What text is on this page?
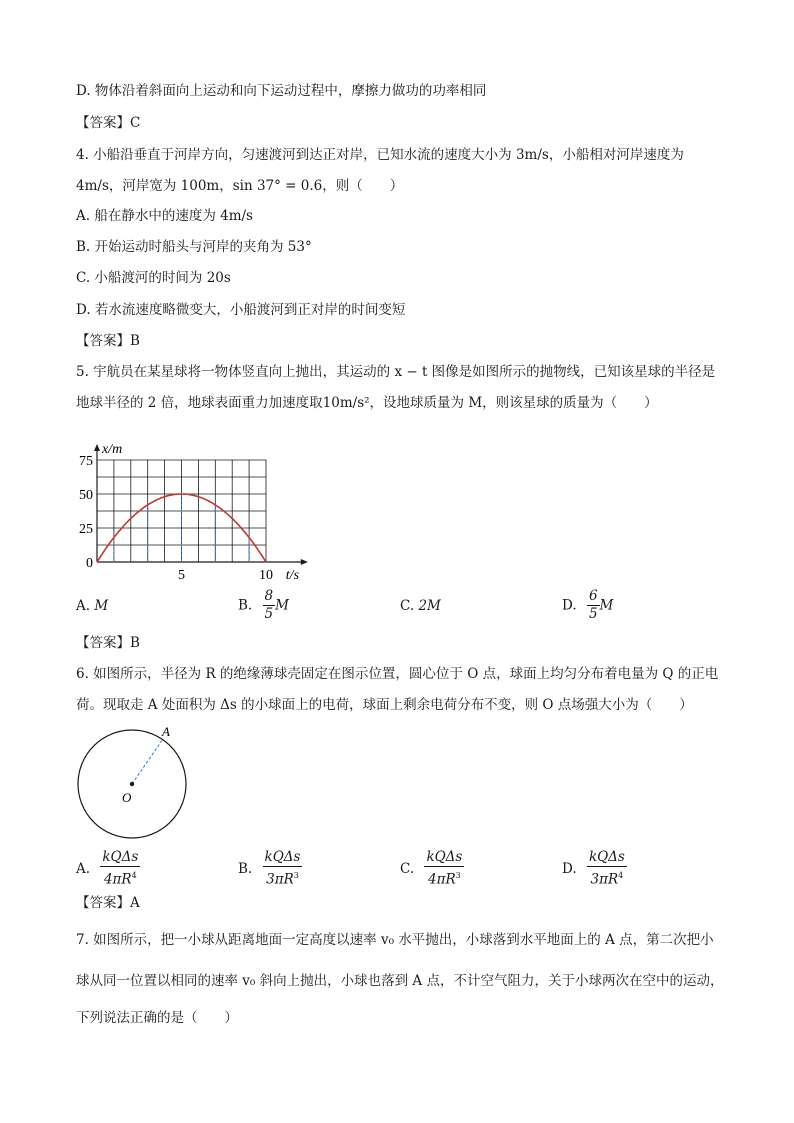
D. 物体沿着斜面向上运动和向下运动过程中，摩擦力做功的功率相同
【答案】C
4. 小船沿垂直于河岸方向，匀速渡河到达正对岸，已知水流的速度大小为 3m/s，小船相对河岸速度为
4m/s，河岸宽为 100m，sin 37° = 0.6，则（　　）
A. 船在静水中的速度为 4m/s
B. 开始运动时船头与河岸的夹角为 53°
C. 小船渡河的时间为 20s
D. 若水流速度略微变大，小船渡河到正对岸的时间变短
【答案】B
5. 宇航员在某星球将一物体竖直向上抛出，其运动的 x − t 图像是如图所示的抛物线，已知该星球的半径是
地球半径的 2 倍，地球表面重力加速度取10m/s²，设地球质量为 M，则该星球的质量为（　　）
0
25
50
75
5	10
x/m
t/s
A. M	B. $\frac{8}{5}$ M	C. 2M	D. $\frac{6}{5}$ M
【答案】B
6. 如图所示，半径为 R 的绝缘薄球壳固定在图示位置，圆心位于 O 点，球面上均匀分布着电量为 Q 的正电
荷。现取走 A 处面积为 Δs 的小球面上的电荷，球面上剩余电荷分布不变，则 O 点场强大小为（　　）
A
O
A. $\frac{\text{kQΔs}}{4\pi R^4}$	B. $\frac{\text{kQΔs}}{3\pi R^3}$	C. $\frac{\text{kQΔs}}{4\pi R^3}$	D. $\frac{\text{kQΔs}}{3\pi R^4}$
【答案】A
7. 如图所示，把一小球从距离地面一定高度以速率 v₀ 水平抛出，小球落到水平地面上的 A 点，第二次把小
球从同一位置以相同的速率 v₀ 斜向上抛出，小球也落到 A 点，不计空气阻力，关于小球两次在空中的运动，
下列说法正确的是（　　）
